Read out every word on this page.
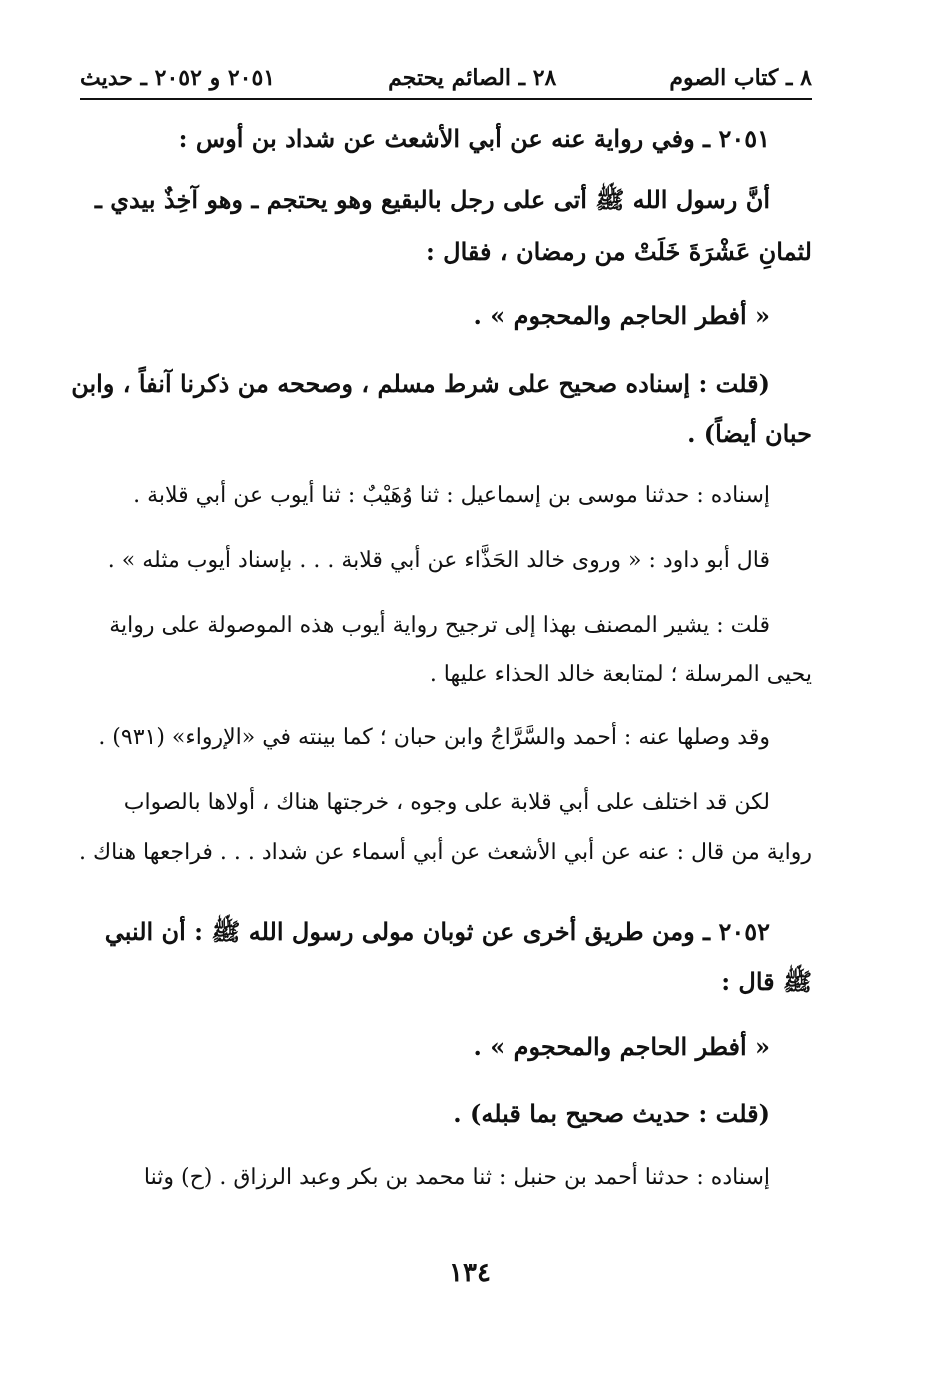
٨ ـ كتاب الصوم
٢٨ ـ الصائم يحتجم
٢٠٥١ و ٢٠٥٢ ـ حديث
٢٠٥١ ـ وفي رواية عنه عن أبي الأشعث عن شداد بن أوس :
أنَّ رسول الله ﷺ أتى على رجل بالبقيع وهو يحتجم ـ وهو آخِذٌ بيدي ـ
لثمانِ عَشْرَةَ خَلَتْ من رمضان ، فقال :
« أفطر الحاجم والمحجوم » .
(قلت : إسناده صحيح على شرط مسلم ، وصححه من ذكرنا آنفاً ، وابن
حبان أيضاً) .
إسناده : حدثنا موسى بن إسماعيل : ثنا وُهَيْبٌ : ثنا أيوب عن أبي قلابة .
قال أبو داود : « وروى خالد الحَذَّاء عن أبي قلابة . . . بإسناد أيوب مثله » .
قلت : يشير المصنف بهذا إلى ترجيح رواية أيوب هذه الموصولة على رواية
يحيى المرسلة ؛ لمتابعة خالد الحذاء عليها .
وقد وصلها عنه : أحمد والسَّرَّاجُ وابن حبان ؛ كما بينته في «الإرواء» (٩٣١) .
لكن قد اختلف على أبي قلابة على وجوه ، خرجتها هناك ، أولاها بالصواب
رواية من قال : عنه عن أبي الأشعث عن أبي أسماء عن شداد . . . فراجعها هناك .
٢٠٥٢ ـ ومن طريق أخرى عن ثوبان مولى رسول الله ﷺ : أن النبي
ﷺ قال :
« أفطر الحاجم والمحجوم » .
(قلت : حديث صحيح بما قبله) .
إسناده : حدثنا أحمد بن حنبل : ثنا محمد بن بكر وعبد الرزاق . (ح) وثنا
١٣٤
